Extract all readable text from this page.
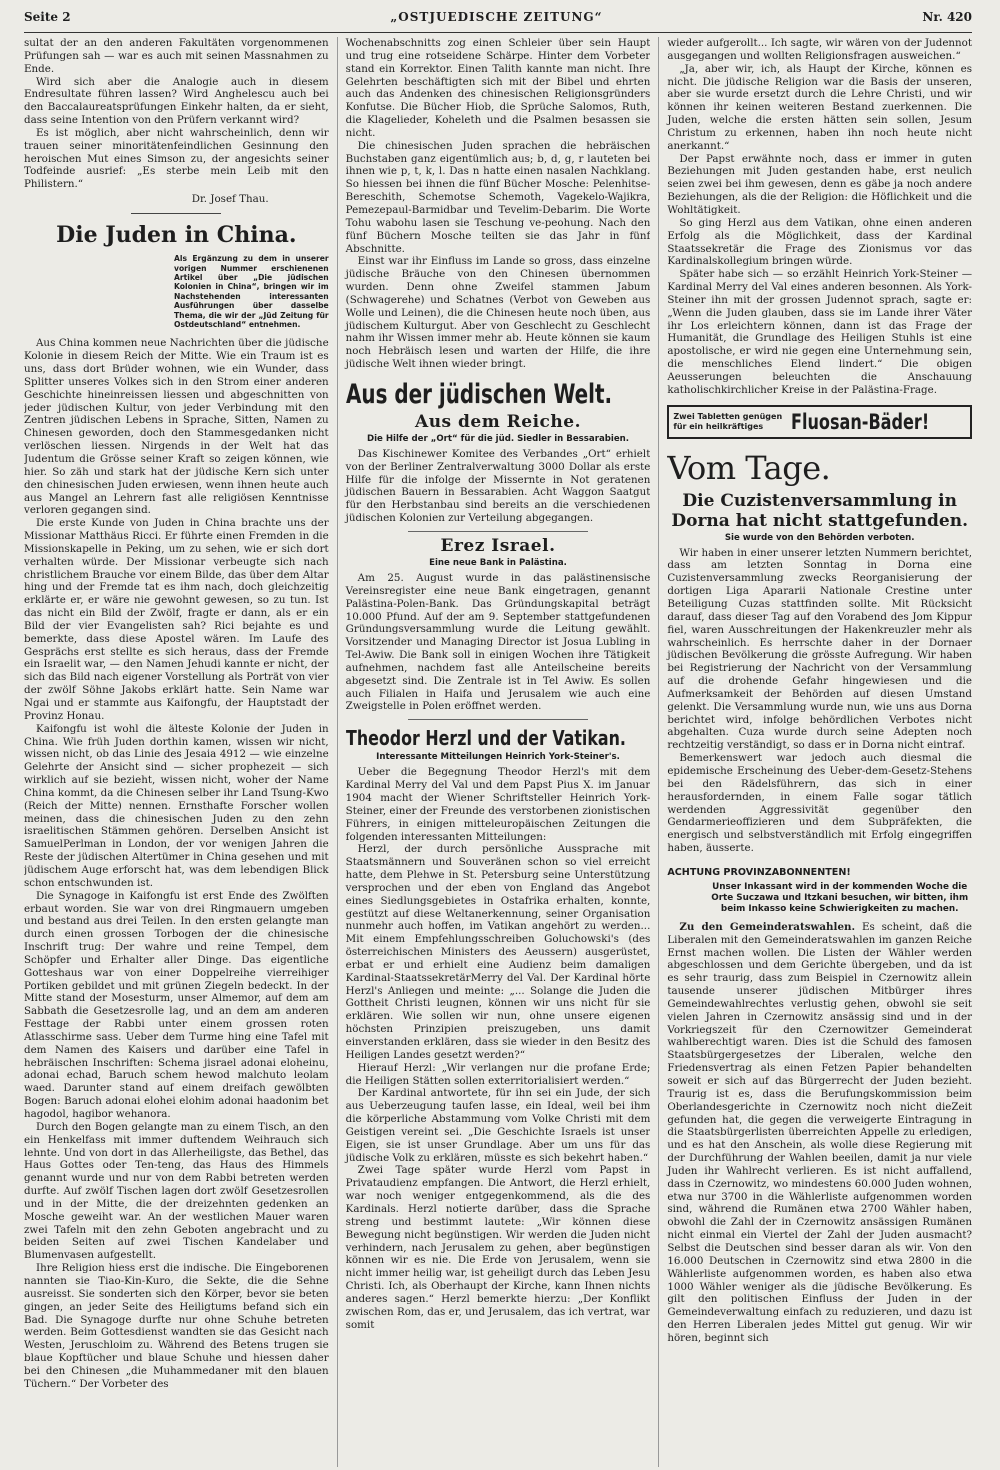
Seite 2	„OSTJUEDISCHE ZEITUNG“	Nr. 420

sultat der an den anderen Fakultäten vorgenommenen Prüfungen sah — war es auch mit seinen Massnahmen zu Ende.

Wird sich aber die Analogie auch in diesem Endresultate führen lassen? Wird Anghelescu auch bei den Baccalaureatsprüfungen Einkehr halten, da er sieht, dass seine Intention von den Prüfern verkannt wird?

Es ist möglich, aber nicht wahrscheinlich, denn wir trauen seiner minoritätenfeindlichen Gesinnung den heroischen Mut eines Simson zu, der angesichts seiner Todfeinde ausrief: „Es sterbe mein Leib mit den Philistern.“

Dr. Josef Thau.
Die Juden in China.
Als Ergänzung zu dem in unserer vorigen Nummer erschienenen Artikel über „Die jüdischen Kolonien in China“, bringen wir im Nachstehenden interessanten Ausführungen über dasselbe Thema, die wir der „Jüd Zeitung für Ostdeutschland“ entnehmen.

Aus China kommen neue Nachrichten über die jüdische Kolonie in diesem Reich der Mitte. Wie ein Traum ist es uns, dass dort Brüder wohnen, wie ein Wunder, dass Splitter unseres Volkes sich in den Strom einer anderen Geschichte hineinreissen liessen und abgeschnitten von jeder jüdischen Kultur, von jeder Verbindung mit den Zentren jüdischen Lebens in Sprache, Sitten, Namen zu Chinesen geworden, doch den Stammesgedanken nicht verlöschen liessen. Nirgends in der Welt hat das Judentum die Grösse seiner Kraft so zeigen können, wie hier. So zäh und stark hat der jüdische Kern sich unter den chinesischen Juden erwiesen, wenn ihnen heute auch aus Mangel an Lehrern fast alle religiösen Kenntnisse verloren gegangen sind.

Die erste Kunde von Juden in China brachte uns der Missionar Matthäus Ricci. Er führte einen Fremden in die Missionskapelle in Peking, um zu sehen, wie er sich dort verhalten würde. Der Missionar verbeugte sich nach christlichem Brauche vor einem Bilde, das über dem Altar hing und der Fremde tat es ihm nach, doch gleichzeitig erklärte er, er wäre nie gewohnt gewesen, so zu tun. Ist das nicht ein Bild der Zwölf, fragte er dann, als er ein Bild der vier Evangelisten sah? Rici bejahte es und bemerkte, dass diese Apostel wären. Im Laufe des Gesprächs erst stellte es sich heraus, dass der Fremde ein Israelit war, — den Namen Jehudi kannte er nicht, der sich das Bild nach eigener Vorstellung als Porträt von vier der zwölf Söhne Jakobs erklärt hatte. Sein Name war Ngai und er stammte aus Kaifongfu, der Hauptstadt der Provinz Honau.

Kaifongfu ist wohl die älteste Kolonie der Juden in China. Wie früh Juden dorthin kamen, wissen wir nicht, wissen nicht, ob das Linie des Jesaia 4912 — wie einzelne Gelehrte der Ansicht sind — sicher prophezeit — sich wirklich auf sie bezieht, wissen nicht, woher der Name China kommt, da die Chinesen selber ihr Land Tsung-Kwo (Reich der Mitte) nennen. Ernsthafte Forscher wollen meinen, dass die chinesischen Juden zu den zehn israelitischen Stämmen gehören. Derselben Ansicht ist SamuelPerlman in London, der vor wenigen Jahren die Reste der jüdischen Altertümer in China gesehen und mit jüdischem Auge erforscht hat, was dem lebendigen Blick schon entschwunden ist.

Die Synagoge in Kaifongfu ist erst Ende des Zwölften erbaut worden. Sie war von drei Ringmauern umgeben und bestand aus drei Teilen. In den ersten gelangte man durch einen grossen Torbogen der die chinesische Inschrift trug: Der wahre und reine Tempel, dem Schöpfer und Erhalter aller Dinge. Das eigentliche Gotteshaus war von einer Doppelreihe vierreihiger Portiken gebildet und mit grünen Ziegeln bedeckt. In der Mitte stand der Mosesturm, unser Almemor, auf dem am Sabbath die Gesetzesrolle lag, und an dem am anderen Festtage der Rabbi unter einem grossen roten Atlasschirme sass. Ueber dem Turme hing eine Tafel mit dem Namen des Kaisers und darüber eine Tafel in hebräischen Inschriften: Schema jisrael adonai eloheinu, adonai echad, Baruch schem hewod malchuto leolam waed. Darunter stand auf einem dreifach gewölbten Bogen: Baruch adonai elohei elohim adonai haadonim bet hagodol, hagibor wehanora.

Durch den Bogen gelangte man zu einem Tisch, an den ein Henkelfass mit immer duftendem Weihrauch sich lehnte. Und von dort in das Allerheiligste, das Bethel, das Haus Gottes oder Ten-teng, das Haus des Himmels genannt wurde und nur von dem Rabbi betreten werden durfte. Auf zwölf Tischen lagen dort zwölf Gesetzesrollen und in der Mitte, die der dreizehnten gedenken an Mosche geweiht war. An der westlichen Mauer waren zwei Tafeln mit den zehn Geboten angebracht und zu beiden Seiten auf zwei Tischen Kandelaber und Blumenvasen aufgestellt.

Ihre Religion hiess erst die indische. Die Eingeborenen nannten sie Tiao-Kin-Kuro, die Sekte, die die Sehne ausreisst. Sie sonderten sich den Körper, bevor sie beten gingen, an jeder Seite des Heiligtums befand sich ein Bad. Die Synagoge durfte nur ohne Schuhe betreten werden. Beim Gottesdienst wandten sie das Gesicht nach Westen, Jeruschloim zu. Während des Betens trugen sie blaue Kopftücher und blaue Schuhe und hiessen daher bei den Chinesen „die Muhammedaner mit den blauen Tüchern.“ Der Vorbeter des

Wochenabschnitts zog einen Schleier über sein Haupt und trug eine rotseidene Schärpe. Hinter dem Vorbeter stand ein Korrektor. Einen Talith kannte man nicht. Ihre Gelehrten beschäftigten sich mit der Bibel und ehrten auch das Andenken des chinesischen Religionsgründers Konfutse. Die Bücher Hiob, die Sprüche Salomos, Ruth, die Klagelieder, Koheleth und die Psalmen besassen sie nicht.

Die chinesischen Juden sprachen die hebräischen Buchstaben ganz eigentümlich aus; b, d, g, r lauteten bei ihnen wie p, t, k, l. Das n hatte einen nasalen Nachklang. So hiessen bei ihnen die fünf Bücher Mosche: Pelenhitse-Bereschith, Schemotse Schemoth, Vagekelo-Wajikra, Pemezepaul-Barmidbar und Tevelim-Debarim. Die Worte Tohu wabohu lasen sie Teschung ve-peohung. Nach den fünf Büchern Mosche teilten sie das Jahr in fünf Abschnitte.

Einst war ihr Einfluss im Lande so gross, dass einzelne jüdische Bräuche von den Chinesen übernommen wurden. Denn ohne Zweifel stammen Jabum (Schwagerehe) und Schatnes (Verbot von Geweben aus Wolle und Leinen), die die Chinesen heute noch üben, aus jüdischem Kulturgut. Aber von Geschlecht zu Geschlecht nahm ihr Wissen immer mehr ab. Heute können sie kaum noch Hebräisch lesen und warten der Hilfe, die ihre jüdische Welt ihnen wieder bringt.

Aus der jüdischen Welt.
Aus dem Reiche.
Die Hilfe der „Ort“ für die jüd. Siedler in Bessarabien.

Das Kischinewer Komitee des Verbandes „Ort“ erhielt von der Berliner Zentralverwaltung 3000 Dollar als erste Hilfe für die infolge der Missernte in Not geratenen jüdischen Bauern in Bessarabien. Acht Waggon Saatgut für den Herbstanbau sind bereits an die verschiedenen jüdischen Kolonien zur Verteilung abgegangen.

Erez Israel.
Eine neue Bank in Palästina.

Am 25. August wurde in das palästinensische Vereinsregister eine neue Bank eingetragen, genannt Palästina-Polen-Bank. Das Gründungskapital beträgt 10.000 Pfund. Auf der am 9. September stattgefundenen Gründungsversammlung wurde die Leitung gewählt. Vorsitzender und Managing Director ist Josua Lubling in Tel-Awiw. Die Bank soll in einigen Wochen ihre Tätigkeit aufnehmen, nachdem fast alle Anteilscheine bereits abgesetzt sind. Die Zentrale ist in Tel Awiw. Es sollen auch Filialen in Haifa und Jerusalem wie auch eine Zweigstelle in Polen eröffnet werden.

Theodor Herzl und der Vatikan.
Interessante Mitteilungen Heinrich York-Steiner's.

Ueber die Begegnung Theodor Herzl's mit dem Kardinal Merry del Val und dem Papst Pius X. im Januar 1904 macht der Wiener Schriftsteller Heinrich York-Steiner, einer der Freunde des verstorbenen zionistischen Führers, in einigen mitteleuropäischen Zeitungen die folgenden interessanten Mitteilungen:

Herzl, der durch persönliche Aussprache mit Staatsmännern und Souveränen schon so viel erreicht hatte, dem Plehwe in St. Petersburg seine Unterstützung versprochen und der eben von England das Angebot eines Siedlungsgebietes in Ostafrika erhalten, konnte, gestützt auf diese Weltanerkennung, seiner Organisation nunmehr auch hoffen, im Vatikan angehört zu werden... Mit einem Empfehlungsschreiben Goluchowski's (des österreichischen Ministers des Aeussern) ausgerüstet, erbat er und erhielt eine Audienz beim damaligen Kardinal-StaatssekretärMerry del Val. Der Kardinal hörte Herzl's Anliegen und meinte: „... Solange die Juden die Gottheit Christi leugnen, können wir uns nicht für sie erklären. Wie sollen wir nun, ohne unsere eigenen höchsten Prinzipien preiszugeben, uns damit einverstanden erklären, dass sie wieder in den Besitz des Heiligen Landes gesetzt werden?“

Hierauf Herzl: „Wir verlangen nur die profane Erde; die Heiligen Stätten sollen exterritorialisiert werden.“

Der Kardinal antwortete, für ihn sei ein Jude, der sich aus Ueberzeugung taufen lasse, ein Ideal, weil bei ihm die körperliche Abstammung vom Volke Christi mit dem Geistigen vereint sei. „Die Geschichte Israels ist unser Eigen, sie ist unser Grundlage. Aber um uns für das jüdische Volk zu erklären, müsste es sich bekehrt haben.“

Zwei Tage später wurde Herzl vom Papst in Privataudienz empfangen. Die Antwort, die Herzl erhielt, war noch weniger entgegenkommend, als die des Kardinals. Herzl notierte darüber, dass die Sprache streng und bestimmt lautete: „Wir können diese Bewegung nicht begünstigen. Wir werden die Juden nicht verhindern, nach Jerusalem zu gehen, aber begünstigen können wir es nie. Die Erde von Jerusalem, wenn sie nicht immer heilig war, ist geheiligt durch das Leben Jesu Christi. Ich, als Oberhaupt der Kirche, kann Ihnen nichts anderes sagen.“ Herzl bemerkte hierzu: „Der Konflikt zwischen Rom, das er, und Jerusalem, das ich vertrat, war somit

wieder aufgerollt... Ich sagte, wir wären von der Judennot ausgegangen und wollten Religionsfragen ausweichen.“

„Ja, aber wir, ich, als Haupt der Kirche, können es nicht. Die jüdische Religion war die Basis der unseren, aber sie wurde ersetzt durch die Lehre Christi, und wir können ihr keinen weiteren Bestand zuerkennen. Die Juden, welche die ersten hätten sein sollen, Jesum Christum zu erkennen, haben ihn noch heute nicht anerkannt.“

Der Papst erwähnte noch, dass er immer in guten Beziehungen mit Juden gestanden habe, erst neulich seien zwei bei ihm gewesen, denn es gäbe ja noch andere Beziehungen, als die der Religion: die Höflichkeit und die Wohltätigkeit.

So ging Herzl aus dem Vatikan, ohne einen anderen Erfolg als die Möglichkeit, dass der Kardinal Staatssekretär die Frage des Zionismus vor das Kardinalskollegium bringen würde.

Später habe sich — so erzählt Heinrich York-Steiner — Kardinal Merry del Val eines anderen besonnen. Als York-Steiner ihn mit der grossen Judennot sprach, sagte er: „Wenn die Juden glauben, dass sie im Lande ihrer Väter ihr Los erleichtern können, dann ist das Frage der Humanität, die Grundlage des Heiligen Stuhls ist eine apostolische, er wird nie gegen eine Unternehmung sein, die menschliches Elend lindert.“ Die obigen Aeusserungen beleuchten die Anschauung katholischkirchlicher Kreise in der Palästina-Frage.

Zwei Tabletten genügen für ein heilkräftiges	Fluosan-Bäder!
Vom Tage.
Die Cuzistenversammlung in Dorna hat nicht stattgefunden.
Sie wurde von den Behörden verboten.

Wir haben in einer unserer letzten Nummern berichtet, dass am letzten Sonntag in Dorna eine Cuzistenversammlung zwecks Reorganisierung der dortigen Liga Apararii Nationale Crestine unter Beteiligung Cuzas stattfinden sollte. Mit Rücksicht darauf, dass dieser Tag auf den Vorabend des Jom Kippur fiel, waren Ausschreitungen der Hakenkreuzler mehr als wahrscheinlich. Es herrschte daher in der Dornaer jüdischen Bevölkerung die grösste Aufregung. Wir haben bei Registrierung der Nachricht von der Versammlung auf die drohende Gefahr hingewiesen und die Aufmerksamkeit der Behörden auf diesen Umstand gelenkt. Die Versammlung wurde nun, wie uns aus Dorna berichtet wird, infolge behördlichen Verbotes nicht abgehalten. Cuza wurde durch seine Adepten noch rechtzeitig verständigt, so dass er in Dorna nicht eintraf.

Bemerkenswert war jedoch auch diesmal die epidemische Erscheinung des Ueber-dem-Gesetz-Stehens bei den Rädelsführern, das sich in einer herausfordernden, in einem Falle sogar tätlich werdenden Aggressivität gegenüber den Gendarmerieoffizieren und dem Subpräfekten, die energisch und selbstverständlich mit Erfolg eingegriffen haben, äusserte.

ACHTUNG PROVINZABONNENTEN!
Unser Inkassant wird in der kommenden Woche die Orte Suczawa und Itzkani besuchen, wir bitten, ihm beim Inkasso keine Schwierigkeiten zu machen.

Zu den Gemeinderatswahlen. Es scheint, daß die Liberalen mit den Gemeinderatswahlen im ganzen Reiche Ernst machen wollen. Die Listen der Wähler werden abgeschlossen und dem Gerichte übergeben, und da ist es sehr traurig, dass zum Beispiel in Czernowitz allein tausende unserer jüdischen Mitbürger ihres Gemeindewahlrechtes verlustig gehen, obwohl sie seit vielen Jahren in Czernowitz ansässig sind und in der Vorkriegszeit für den Czernowitzer Gemeinderat wahlberechtigt waren. Dies ist die Schuld des famosen Staatsbürgergesetzes der Liberalen, welche den Friedensvertrag als einen Fetzen Papier behandelten soweit er sich auf das Bürgerrecht der Juden bezieht. Traurig ist es, dass die Berufungskommission beim Oberlandesgerichte in Czernowitz noch nicht dieZeit gefunden hat, die gegen die verweigerte Eintragung in die Staatsbürgerlisten überreichten Appelle zu erledigen, und es hat den Anschein, als wolle diese Regierung mit der Durchführung der Wahlen beeilen, damit ja nur viele Juden ihr Wahlrecht verlieren. Es ist nicht auffallend, dass in Czernowitz, wo mindestens 60.000 Juden wohnen, etwa nur 3700 in die Wählerliste aufgenommen worden sind, während die Rumänen etwa 2700 Wähler haben, obwohl die Zahl der in Czernowitz ansässigen Rumänen nicht einmal ein Viertel der Zahl der Juden ausmacht? Selbst die Deutschen sind besser daran als wir. Von den 16.000 Deutschen in Czernowitz sind etwa 2800 in die Wählerliste aufgenommen worden, es haben also etwa 1000 Wähler weniger als die jüdische Bevölkerung. Es gilt den politischen Einfluss der Juden in der Gemeindeverwaltung einfach zu reduzieren, und dazu ist den Herren Liberalen jedes Mittel gut genug. Wir wir hören, beginnt sich
